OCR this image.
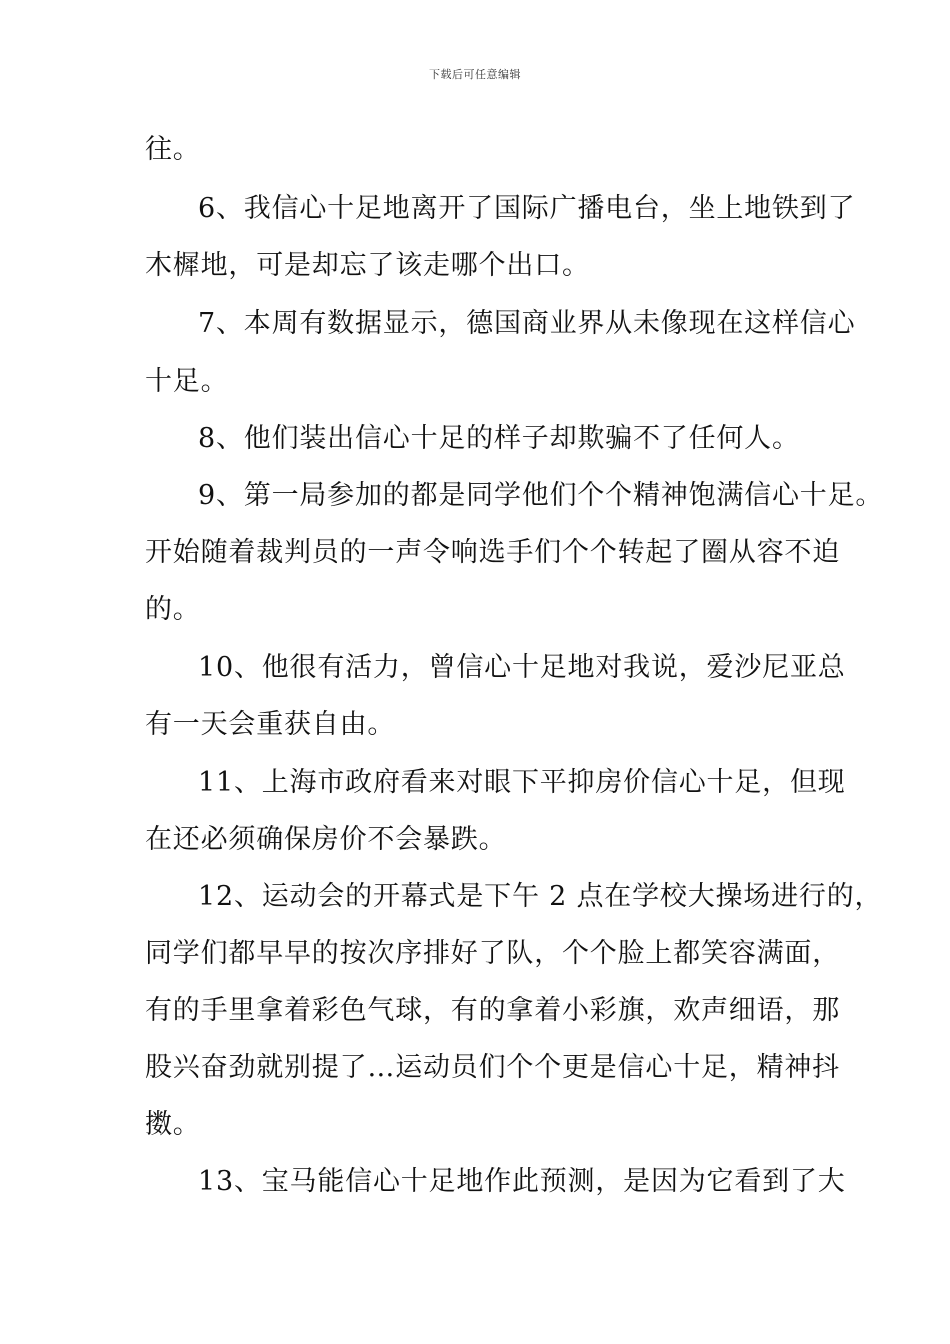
下载后可任意编辑
往。
6、我信心十足地离开了国际广播电台，坐上地铁到了
木樨地，可是却忘了该走哪个出口。
7、本周有数据显示，德国商业界从未像现在这样信心
十足。
8、他们装出信心十足的样子却欺骗不了任何人。
9、第一局参加的都是同学他们个个精神饱满信心十足。
开始随着裁判员的一声令响选手们个个转起了圈从容不迫
的。
10、他很有活力，曾信心十足地对我说，爱沙尼亚总
有一天会重获自由。
11、上海市政府看来对眼下平抑房价信心十足，但现
在还必须确保房价不会暴跌。
12、运动会的开幕式是下午 2 点在学校大操场进行的，
同学们都早早的按次序排好了队，个个脸上都笑容满面，
有的手里拿着彩色气球，有的拿着小彩旗，欢声细语，那
股兴奋劲就别提了…运动员们个个更是信心十足，精神抖
擞。
13、宝马能信心十足地作此预测，是因为它看到了大
